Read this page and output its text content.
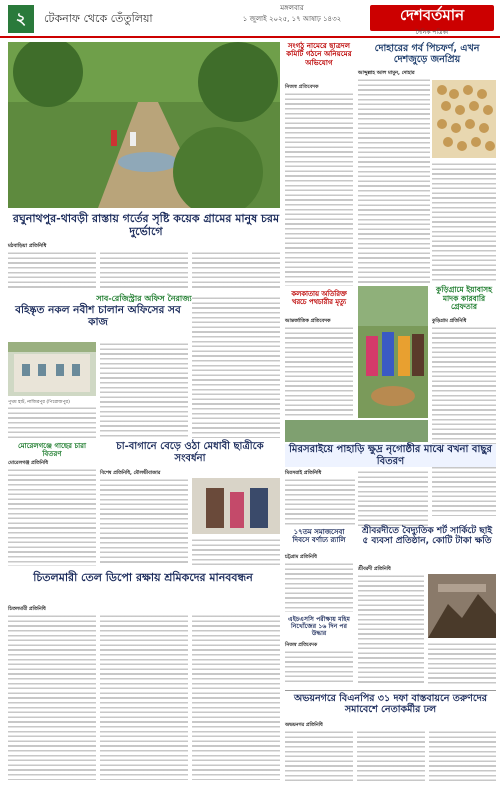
২	টেকনাফ থেকে তেঁতুলিয়া
মঙ্গলবার
১ জুলাই ২০২৫, ১৭ আষাঢ় ১৪৩২	দেশবর্তমান
দৈনিক পত্রিকা
সংগঠু নামেরে ছাত্রদল কমিটি গঠনে অনিয়মের অভিযোগ
নিজস্ব প্রতিবেদক
দোহারের গর্ব পিচফর্ণ, এখন দেশজুড়ে জনপ্রিয়
আব্দুল্লাহ আল মামুন, দোহার
রঘুনাথপুর-থাবড়ী রাস্তায় গর্তের সৃষ্টি কয়েক গ্রামের মানুষ চরম দুর্ভোগে
মঠবাড়িয়া প্রতিনিধি
সাব-রেজিস্ট্রার অফিস নৈরাজ্য
বহিষ্কৃত নকল নবীশ চালান অফিসের সব কাজ
পুথম হাট, নাজিরপুর (পিরোজপুর)
কলকাতায় অতিরিক্ত খরচে পথচারীর মৃত্যু
আন্তর্জাতিক প্রতিবেদক
কুড়িগ্রামে ইয়াবাসহ মাদক কারবারি গ্রেফতার
কুড়িগ্রাম প্রতিনিধি
মিরসরাইয়ে পাহাড়ি ক্ষুদ্র নৃগোষ্ঠীর মাঝে বখনা বাছুর বিতরণ
মিরসরাই প্রতিনিধি
মোরেলগঞ্জে গাছের চারা বিতরণ
মোরেলগঞ্জ প্রতিনিধি
চা-বাগানে বেড়ে ওঠা মেধাবী ছাত্রীকে সংবর্ধনা
বিশেষ প্রতিনিধি, মৌলভীবাজার
১৭তম সমাজসেবা দিবসে বর্ণাঢ্য র‍্যালি
চট্টগ্রাম প্রতিনিধি
শ্রীবরদীতে বৈদ্যুতিক শর্ট সার্কিটে ছাই ৫ ব্যবসা প্রতিষ্ঠান, কোটি টাকা ক্ষতি
শ্রীবরদী প্রতিনিধি
চিতলমারী তেল ডিপো রক্ষায় শ্রমিকদের মানববন্ধন
চিতলমারী প্রতিনিধি
এইচএসসি পরীক্ষায় মহিম নিখোঁজের ১৬ দিন পর উদ্ধার
নিজস্ব প্রতিবেদক
অভয়নগরে বিএনপির ৩১ দফা বাস্তবায়নে তরুণদের সমাবেশে নেতাকর্মীর ঢল
অভয়নগর প্রতিনিধি
